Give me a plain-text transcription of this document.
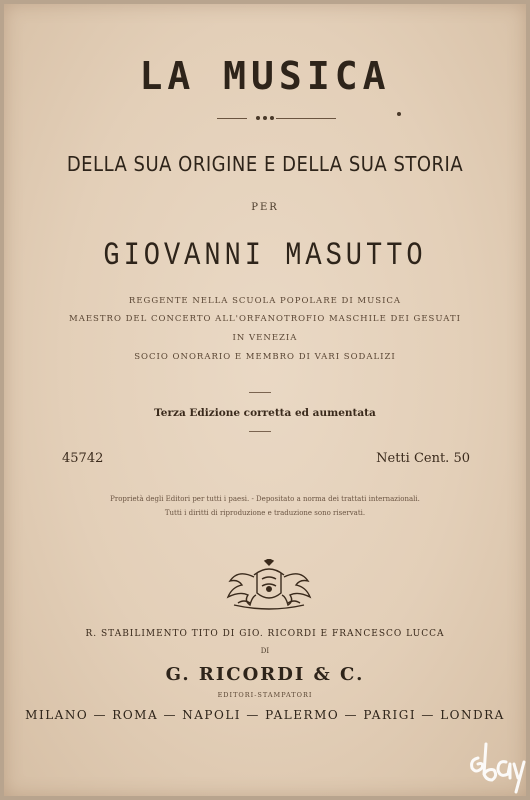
LA MUSICA
DELLA SUA ORIGINE E DELLA SUA STORIA
PER
GIOVANNI MASUTTO
REGGENTE NELLA SCUOLA POPOLARE DI MUSICA
MAESTRO DEL CONCERTO ALL'ORFANOTROFIO MASCHILE DEI GESUATI
IN VENEZIA
SOCIO ONORARIO E MEMBRO DI VARI SODALIZI
Terza Edizione corretta ed aumentata
45742	Netti Cent. 50
Proprietà degli Editori per tutti i paesi. - Depositato a norma dei trattati internazionali.
Tutti i diritti di riproduzione e traduzione sono riservati.
R. STABILIMENTO TITO DI GIO. RICORDI E FRANCESCO LUCCA
DI
G. RICORDI & C.
EDITORI-STAMPATORI
MILANO — ROMA — NAPOLI — PALERMO — PARIGI — LONDRA
